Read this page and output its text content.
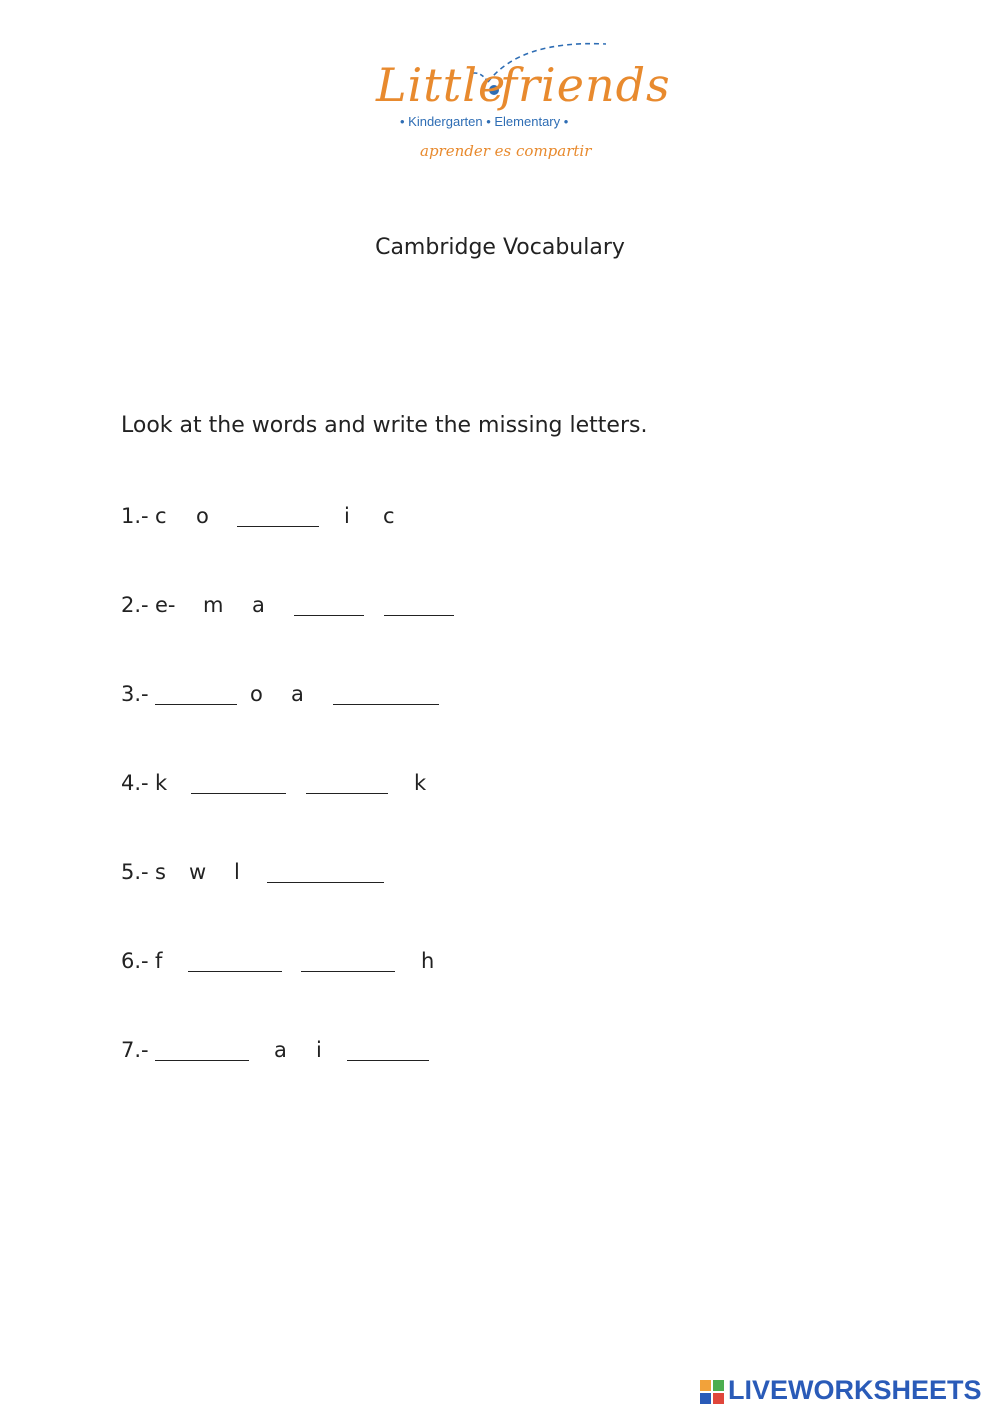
Little
friends
• Kindergarten • Elementary •
aprender es compartir
Cambridge Vocabulary
Look at the words and write the missing letters.
1.- c o	i c
2.- e- m a
3.-	o a
4.- k	k
5.- s w l
6.- f	h
7.-	a i
LIVEWORKSHEETS
